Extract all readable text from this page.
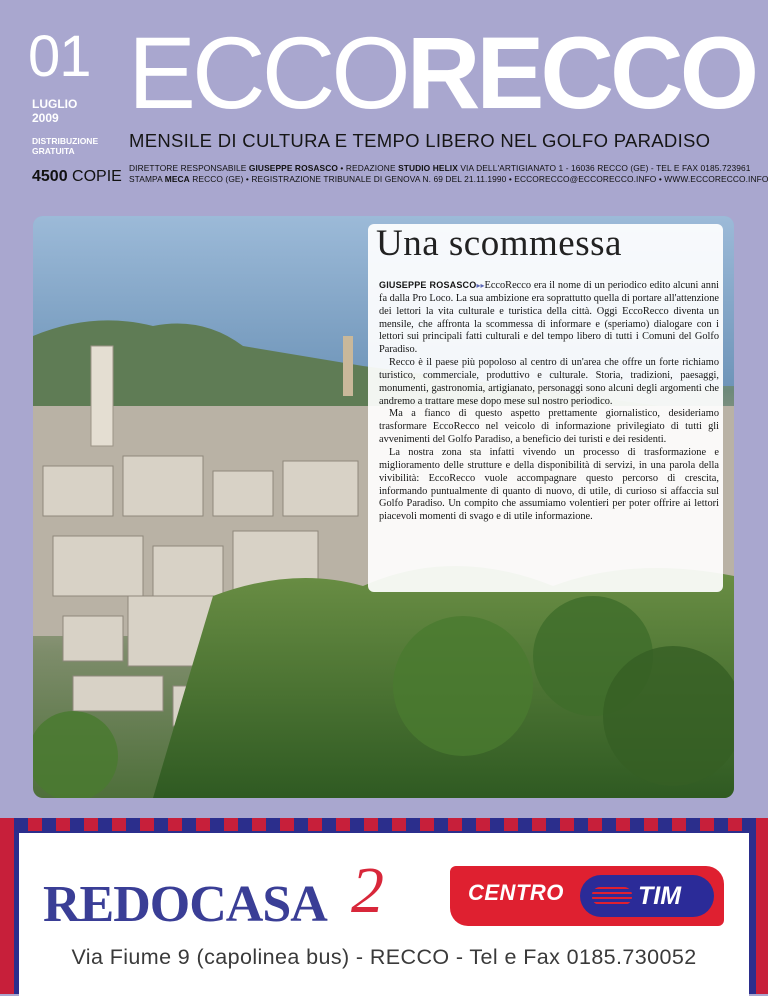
01
LUGLIO
2009
DISTRIBUZIONE
GRATUITA
4500 COPIE
ECCORECCO
MENSILE DI CULTURA E TEMPO LIBERO NEL GOLFO PARADISO
DIRETTORE RESPONSABILE GIUSEPPE ROSASCO • REDAZIONE STUDIO HELIX VIA DELL'ARTIGIANATO 1 - 16036 RECCO (GE) - TEL E FAX 0185.723961
STAMPA MECA RECCO (GE) • REGISTRAZIONE TRIBUNALE DI GENOVA N. 69 DEL 21.11.1990 • ECCORECCO@ECCORECCO.INFO • WWW.ECCORECCO.INFO
Una scommessa

GIUSEPPE ROSASCO▸▸EccoRecco era il nome di un periodico edito alcuni anni fa dalla Pro Loco. La sua ambizione era soprattutto quella di portare all'attenzione dei lettori la vita culturale e turistica della città. Oggi EccoRecco diventa un mensile, che affronta la scommessa di informare e (speriamo) dialogare con i lettori sui principali fatti culturali e del tempo libero di tutti i Comuni del Golfo Paradiso.

Recco è il paese più popoloso al centro di un'area che offre un forte richiamo turistico, commerciale, produttivo e culturale. Storia, tradizioni, paesaggi, monumenti, gastronomia, artigianato, personaggi sono alcuni degli argomenti che andremo a trattare mese dopo mese sul nostro periodico.

Ma a fianco di questo aspetto prettamente giornalistico, desideriamo trasformare EccoRecco nel veicolo di informazione privilegiato di tutti gli avvenimenti del Golfo Paradiso, a beneficio dei turisti e dei residenti.

La nostra zona sta infatti vivendo un processo di trasformazione e miglioramento delle strutture e della disponibilità di servizi, in una parola della vivibilità: EccoRecco vuole accompagnare questo percorso di crescita, informando puntualmente di quanto di nuovo, di utile, di curioso si affaccia sul Golfo Paradiso. Un compito che assumiamo volentieri per poter offrire ai lettori piacevoli momenti di svago e di utile informazione.

REDOCASA 2	CENTRO	TIM
Via Fiume 9 (capolinea bus) - RECCO - Tel e Fax 0185.730052
